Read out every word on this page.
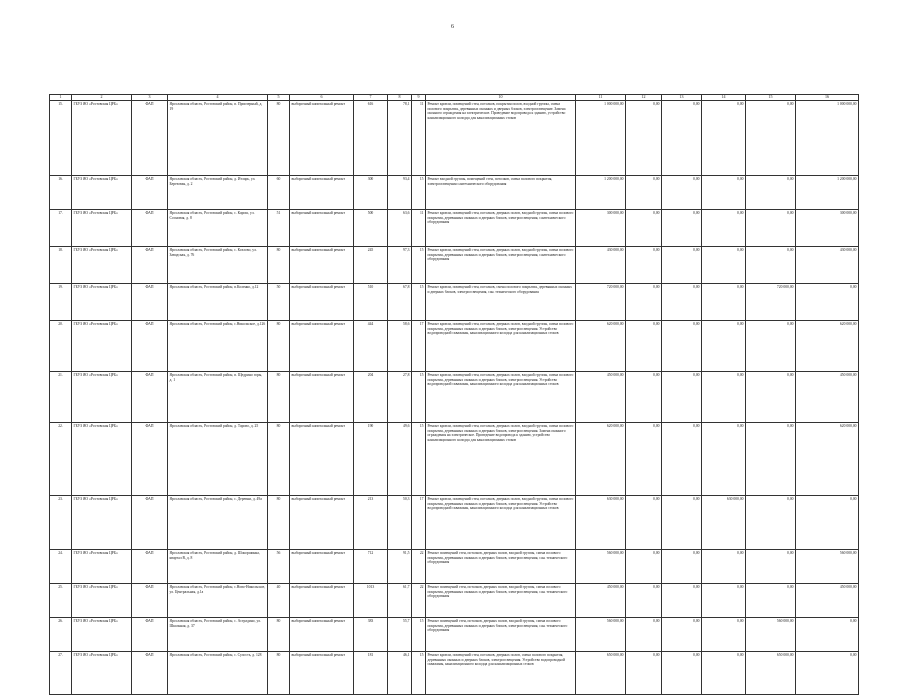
6
1	2	3	4	5	6	7	8	9	10	11	12	13	14	15	16
15.	ГБУЗ ЯО «Ростовская ЦРБ»	ФАП	Ярославская область, Ростовский район, п. Приозерный, д. 19	80	выборочный капитальный ремонт	616	78,1	11	Ремонт кровли, помещений стен, потолков, покрытия полов, входной группы, смена полового покрытия, деревянных оконных и дверных блоков, электроосвещение. Замена оконного ограждения на электрическое. Проведение водопровода к зданию, устройство канализационного колодца для канализационных стоков	1 000 000,00	0,00	0,00	0,00	0,00	1 000 000,00
16.	ГБУЗ ЯО «Ростовская ЦРБ»	ФАП	Ярославская область, Ростовский район, д. Итларь, ул. Березовая, д. 2	60	выборочный капитальный ремонт	300	93,4	15	Ремонт входной группы, помещений стен, потолков, смена полового покрытия, электроосвещения сантехнического оборудования	1 200 000,00	0,00	0,00	0,00	0,00	1 200 000,00
17.	ГБУЗ ЯО «Ростовская ЦРБ»	ФАП	Ярославская область, Ростовский район, с. Карош, ул. Сосновая, д. 8	51	выборочный капитальный ремонт	500	63,6	11	Ремонт кровли, помещений стен, потолков, дверных полов, входной группы, смена полового покрытия, деревянных оконных и дверных блоков, электроосвещения, сантехнического оборудования	300 000,00	0,00	0,00	0,00	0,00	300 000,00
18.	ГБУЗ ЯО «Ростовская ЦРБ»	ФАП	Ярославская область, Ростовский район, с. Козлово, ул. Заводская, д. 76	80	выборочный капитальный ремонт	245	97,3	15	Ремонт кровли, помещений стен, потолков, дверных полов, входной группы, смена полового покрытия, деревянных оконных и дверных блоков, электроосвещения, сантехнического оборудования	430 000,00	0,00	0,00	0,00	0,00	430 000,00
19.	ГБУЗ ЯО «Ростовская ЦРБ»	ФАП	Ярославская область, Ростовский район, п.Коленко, д.12	50	выборочный капитальный ремонт	510	67,8	15	Ремонт кровли, помещений стен, потолков, смена полового покрытия, деревянных оконных и дверных блоков, электроосвещения, сан. технического оборудования	720 000,00	0,00	0,00	0,00	720 000,00	0,00
20.	ГБУЗ ЯО «Ростовская ЦРБ»	ФАП	Ярославская область, Ростовский район, с.Никольское, д.126	80	выборочный капитальный ремонт	444	58,6	17	Ремонт кровли, помещений стен, потолков, дверных полов, входной группы, смена полового покрытия, деревянных оконных и дверных блоков, электроосвещения. Устройство водопроводной скважины, канализационного колодца для канализационных стоков	620 000,00	0,00	0,00	0,00	0,00	620 000,00
21.	ГБУЗ ЯО «Ростовская ЦРБ»	ФАП	Ярославская область, Ростовский район, п. Щедрино горы, д. 1	80	выборочный капитальный ремонт	204	27,8	15	Ремонт кровли, помещений стен, потолков, дверных полов, входной группы, смена полового покрытия, деревянных оконных и дверных блоков, электроосвещения. Устройство водопроводной скважины, канализационного колодца для канализационных стоков	450 000,00	0,00	0,00	0,00	0,00	450 000,00
22.	ГБУЗ ЯО «Ростовская ЦРБ»	ФАП	Ярославская область, Ростовский район, д. Тарово, д. 25	80	выборочный капитальный ремонт	190	49,6	15	Ремонт кровли, помещений стен, потолков, дверных полов, входной группы, смена полового покрытия, деревянных оконных и дверных блоков, электроосвещения. Замена оконного ограждения на электрическое. Проведение водопровода к зданию, устройство канализационного колодца для канализационных стоков	620 000,00	0,00	0,00	0,00	0,00	620 000,00
23.	ГБУЗ ЯО «Ростовская ЦРБ»	ФАП	Ярославская область, Ростовский район, с. Деревни, д. 49а	80	выборочный капитальный ремонт	213	50,3	17	Ремонт кровли, помещений стен, потолков, дверных полов, входной группы, смена полового покрытия, деревянных оконных и дверных блоков, электроосвещения. Устройство водопроводной скважины, канализационного колодца для канализационных стоков	630 000,00	0,00	0,00	630 000,00	0,00	0,00
24.	ГБУЗ ЯО «Ростовская ЦРБ»	ФАП	Ярославская область, Ростовский район, д. Шокоршинка, квартал В, д. 8	56	выборочный капитальный ремонт	712	91,5	22	Ремонт помещений стен, потолков, дверных полов, входной группы, смена полового покрытия, деревянных оконных и дверных блоков, электроосвещения, сан. технического оборудования	560 000,00	0,00	0,00	0,00	0,00	560 000,00
25.	ГБУЗ ЯО «Ростовская ЦРБ»	ФАП	Ярославская область, Ростовский район, с.Ново-Никольское, ул. Центральная, д.1а	40	выборочный капитальный ремонт	1013	61,7	22	Ремонт помещений стен, потолков, дверных полов, входной группы, смена полового покрытия, деревянных оконных и дверных блоков, электроосвещения, сан. технического оборудования	450 000,00	0,00	0,00	0,00	0,00	450 000,00
26.	ГБУЗ ЯО «Ростовская ЦРБ»	ФАП	Ярославская область, Ростовский район, с. Астрадино, ул. Школьная, д. 37	80	выборочный капитальный ремонт	383	55,7	15	Ремонт помещений стен, потолков, дверных полов, входной группы, смена полового покрытия, деревянных оконных и дверных блоков, электроосвещения, сан. технического оборудования	560 000,00	0,00	0,00	0,00	560 000,00	0,00
27.	ГБУЗ ЯО «Ростовская ЦРБ»	ФАП	Ярославская область, Ростовский район, с. Сулость, д. 128	80	выборочный капитальный ремонт	181	46,1	15	Ремонт кровли, помещений стен, потолков, дверных полов, смена полового покрытия, деревянных оконных и дверных блоков, электроосвещения. Устройство водопроводной скважины, канализационного колодца для канализационных стоков	650 000,00	0,00	0,00	0,00	650 000,00	0,00
